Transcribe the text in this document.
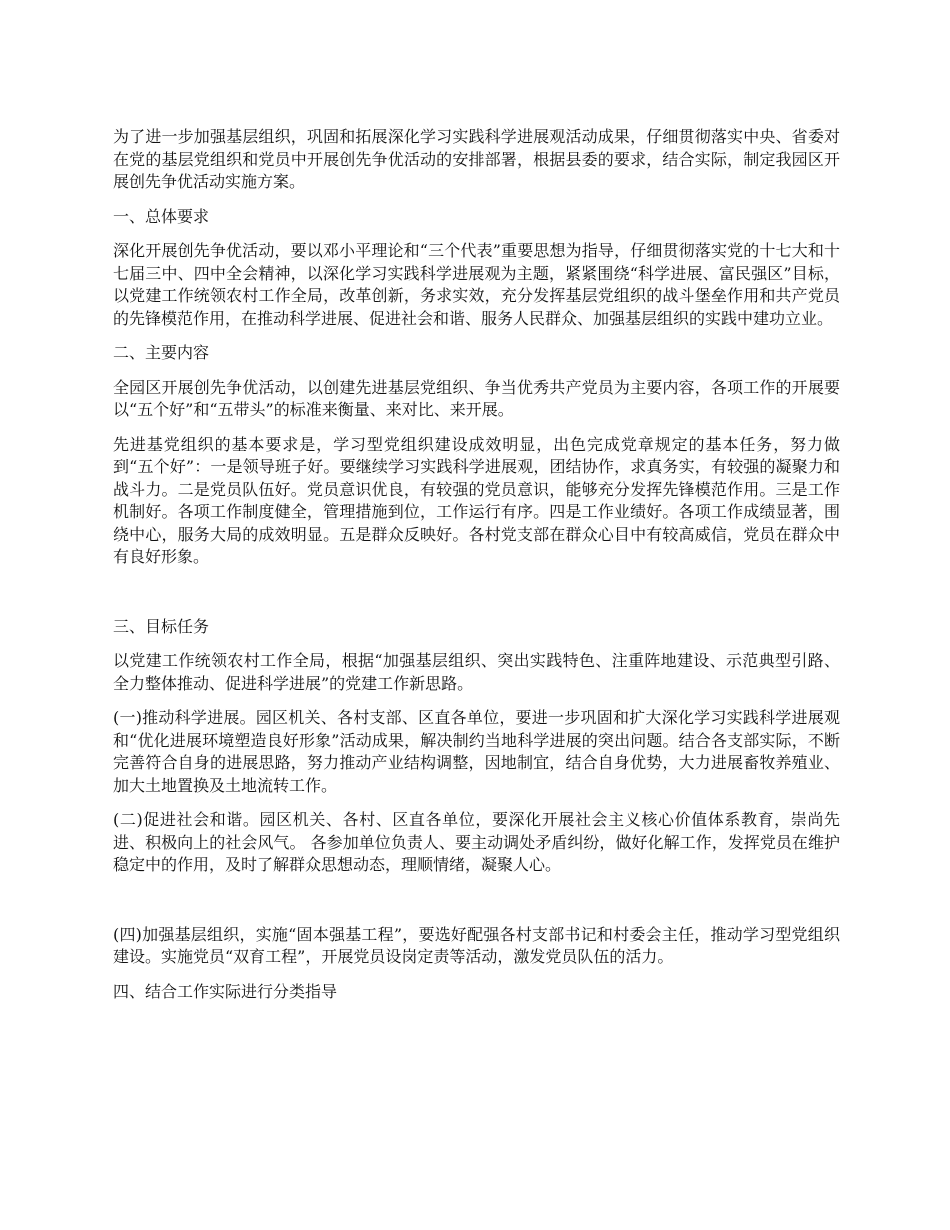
为了进一步加强基层组织，巩固和拓展深化学习实践科学进展观活动成果，仔细贯彻落实中央、省委对在党的基层党组织和党员中开展创先争优活动的安排部署，根据县委的要求，结合实际，制定我园区开展创先争优活动实施方案。

一、总体要求

深化开展创先争优活动，要以邓小平理论和“三个代表”重要思想为指导，仔细贯彻落实党的十七大和十七届三中、四中全会精神，以深化学习实践科学进展观为主题，紧紧围绕“科学进展、富民强区”目标，以党建工作统领农村工作全局，改革创新，务求实效，充分发挥基层党组织的战斗堡垒作用和共产党员的先锋模范作用，在推动科学进展、促进社会和谐、服务人民群众、加强基层组织的实践中建功立业。

二、主要内容

全园区开展创先争优活动，以创建先进基层党组织、争当优秀共产党员为主要内容，各项工作的开展要以“五个好”和“五带头”的标准来衡量、来对比、来开展。

先进基党组织的基本要求是，学习型党组织建设成效明显，出色完成党章规定的基本任务，努力做到“五个好”：一是领导班子好。要继续学习实践科学进展观，团结协作，求真务实，有较强的凝聚力和战斗力。二是党员队伍好。党员意识优良，有较强的党员意识，能够充分发挥先锋模范作用。三是工作机制好。各项工作制度健全，管理措施到位，工作运行有序。四是工作业绩好。各项工作成绩显著，围绕中心，服务大局的成效明显。五是群众反映好。各村党支部在群众心目中有较高威信，党员在群众中有良好形象。

三、目标任务

以党建工作统领农村工作全局，根据“加强基层组织、突出实践特色、注重阵地建设、示范典型引路、全力整体推动、促进科学进展”的党建工作新思路。

(一)推动科学进展。园区机关、各村支部、区直各单位，要进一步巩固和扩大深化学习实践科学进展观和“优化进展环境塑造良好形象”活动成果，解决制约当地科学进展的突出问题。结合各支部实际，不断完善符合自身的进展思路，努力推动产业结构调整，因地制宜，结合自身优势，大力进展畜牧养殖业、加大土地置换及土地流转工作。

(二)促进社会和谐。园区机关、各村、区直各单位，要深化开展社会主义核心价值体系教育，崇尚先进、积极向上的社会风气。 各参加单位负责人、要主动调处矛盾纠纷，做好化解工作，发挥党员在维护稳定中的作用，及时了解群众思想动态，理顺情绪，凝聚人心。

(四)加强基层组织，实施“固本强基工程”，要选好配强各村支部书记和村委会主任，推动学习型党组织建设。实施党员“双育工程”，开展党员设岗定责等活动，激发党员队伍的活力。

四、结合工作实际进行分类指导
